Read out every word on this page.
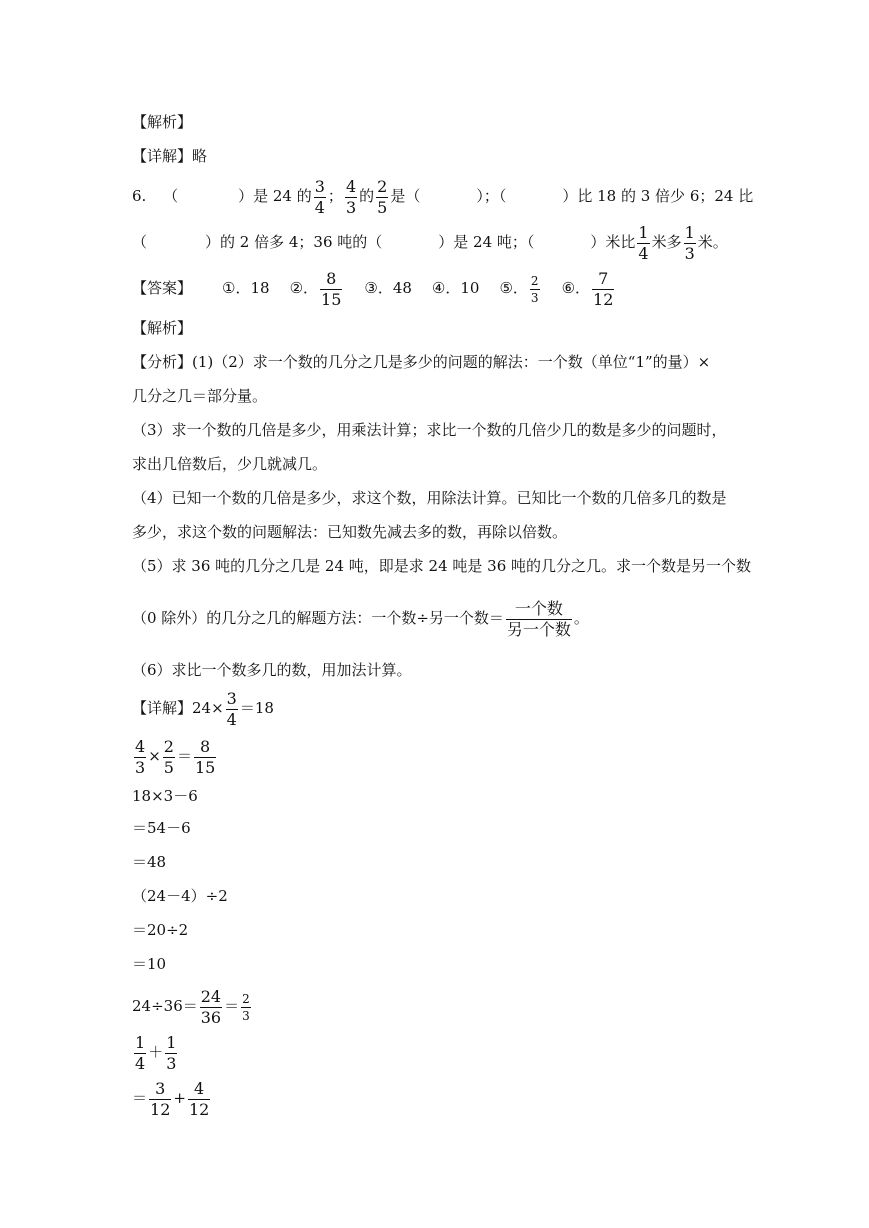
【解析】
【详解】略
6. （	）是 24 的 $\frac{3}{4}$ ； $\frac{4}{3}$ 的 $\frac{2}{5}$ 是（	）；（	）比 18 的 3 倍少 6；24 比
（	）的 2 倍多 4；36 吨的（	）是 24 吨；（	）米比 $\frac{1}{4}$ 米多 $\frac{1}{3}$ 米。
【答案】 ①．18 ②． $\frac{8}{15}$ ③．48 ④．10 ⑤． $\frac{2}{3}$ ⑥． $\frac{7}{12}$
【解析】
【分析】(1)（2）求一个数的几分之几是多少的问题的解法：一个数（单位“1”的量）×
几分之几＝部分量。
（3）求一个数的几倍是多少，用乘法计算；求比一个数的几倍少几的数是多少的问题时，
求出几倍数后，少几就减几。
（4）已知一个数的几倍是多少，求这个数，用除法计算。已知比一个数的几倍多几的数是
多少，求这个数的问题解法：已知数先减去多的数，再除以倍数。
（5）求 36 吨的几分之几是 24 吨，即是求 24 吨是 36 吨的几分之几。求一个数是另一个数
（0 除外）的几分之几的解题方法：一个数÷另一个数＝ $\frac{\text{一个数}}{\text{另一个数}}$ 。
（6）求比一个数多几的数，用加法计算。
【详解】$24\times \frac{3}{4} =18$
$\frac{4}{3} \times \frac{2}{5} = \frac{8}{15}$
18×3－6
＝54－6
＝48
（24－4）÷2
＝20÷2
＝10
$24\div 36= \frac{24}{36} = \frac{2}{3}$
$\frac{1}{4} + \frac{1}{3}$
＝ $\frac{3}{12} + \frac{4}{12}$
